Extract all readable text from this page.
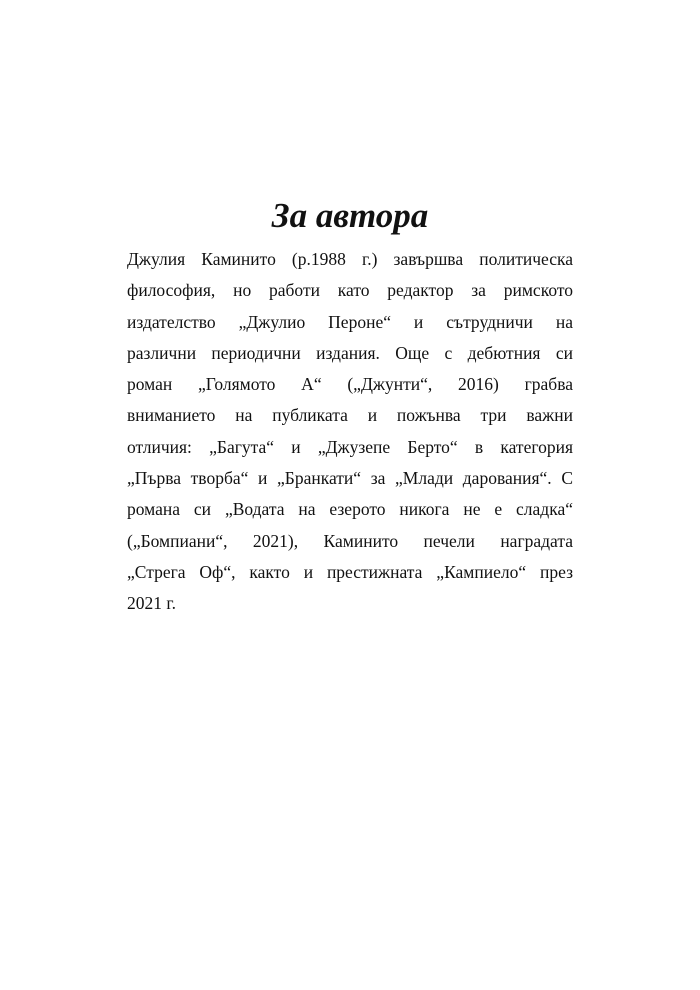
За автора
Джулия Каминито (р.1988 г.) завършва политическа
философия, но работи като редактор за римското
издателство „Джулио Пероне“ и сътрудничи на
различни периодични издания. Още с дебютния си
роман „Голямото А“ („Джунти“, 2016) грабва
вниманието на публиката и пожънва три важни
отличия: „Багута“ и „Джузепе Берто“ в категория
„Първа творба“ и „Бранкати“ за „Млади дарования“. С
романа си „Водата на езерото никога не е сладка“
(„Бомпиани“, 2021), Каминито печели наградата
„Стрега Оф“, както и престижната „Кампиело“ през
2021 г.
